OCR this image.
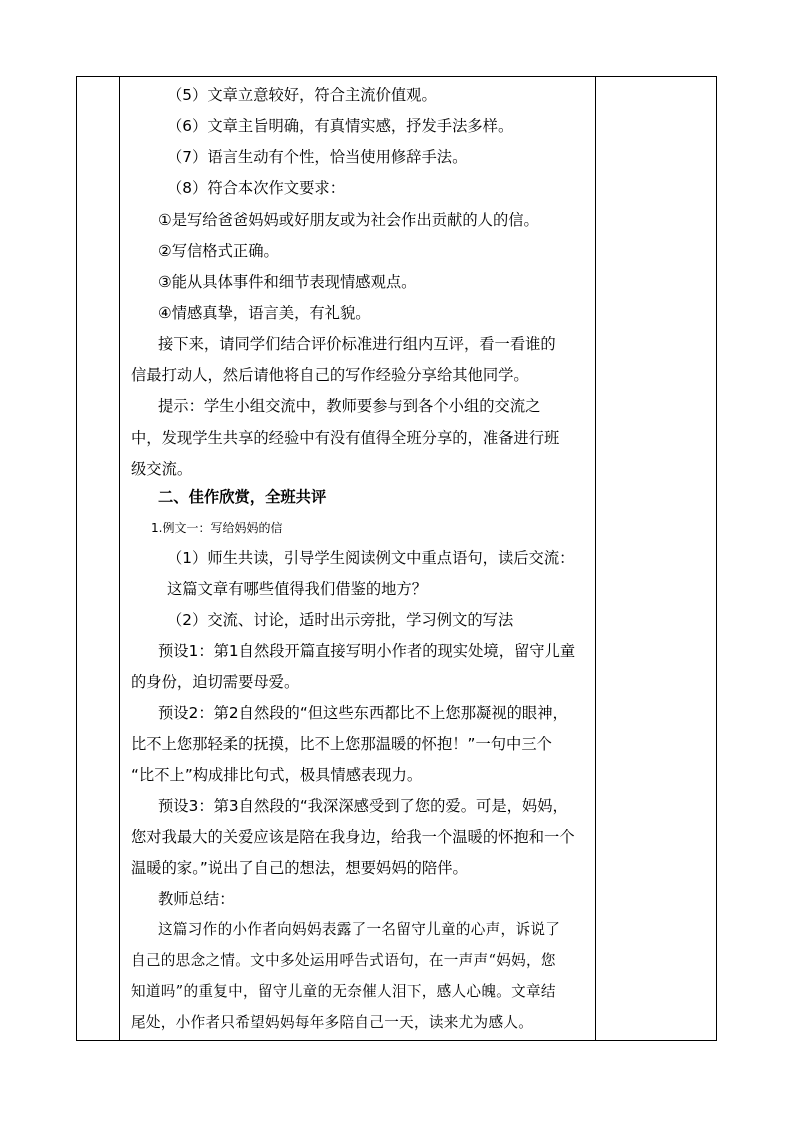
（5）文章立意较好，符合主流价值观。
（6）文章主旨明确，有真情实感，抒发手法多样。
（7）语言生动有个性，恰当使用修辞手法。
（8）符合本次作文要求：
①是写给爸爸妈妈或好朋友或为社会作出贡献的人的信。
②写信格式正确。
③能从具体事件和细节表现情感观点。
④情感真挚，语言美，有礼貌。
接下来，请同学们结合评价标准进行组内互评，看一看谁的
信最打动人，然后请他将自己的写作经验分享给其他同学。
提示：学生小组交流中，教师要参与到各个小组的交流之
中，发现学生共享的经验中有没有值得全班分享的，准备进行班
级交流。
二、佳作欣赏，全班共评
1.例文一：写给妈妈的信
（1）师生共读，引导学生阅读例文中重点语句，读后交流：
这篇文章有哪些值得我们借鉴的地方？
（2）交流、讨论，适时出示旁批，学习例文的写法
预设1：第1自然段开篇直接写明小作者的现实处境，留守儿童
的身份，迫切需要母爱。
预设2：第2自然段的“但这些东西都比不上您那凝视的眼神，
比不上您那轻柔的抚摸，比不上您那温暖的怀抱！”一句中三个
“比不上”构成排比句式，极具情感表现力。
预设3：第3自然段的“我深深感受到了您的爱。可是，妈妈，
您对我最大的关爱应该是陪在我身边，给我一个温暖的怀抱和一个
温暖的家。”说出了自己的想法，想要妈妈的陪伴。
教师总结：
这篇习作的小作者向妈妈表露了一名留守儿童的心声，诉说了
自己的思念之情。文中多处运用呼告式语句，在一声声“妈妈，您
知道吗”的重复中，留守儿童的无奈催人泪下，感人心魄。文章结
尾处，小作者只希望妈妈每年多陪自己一天，读来尤为感人。
